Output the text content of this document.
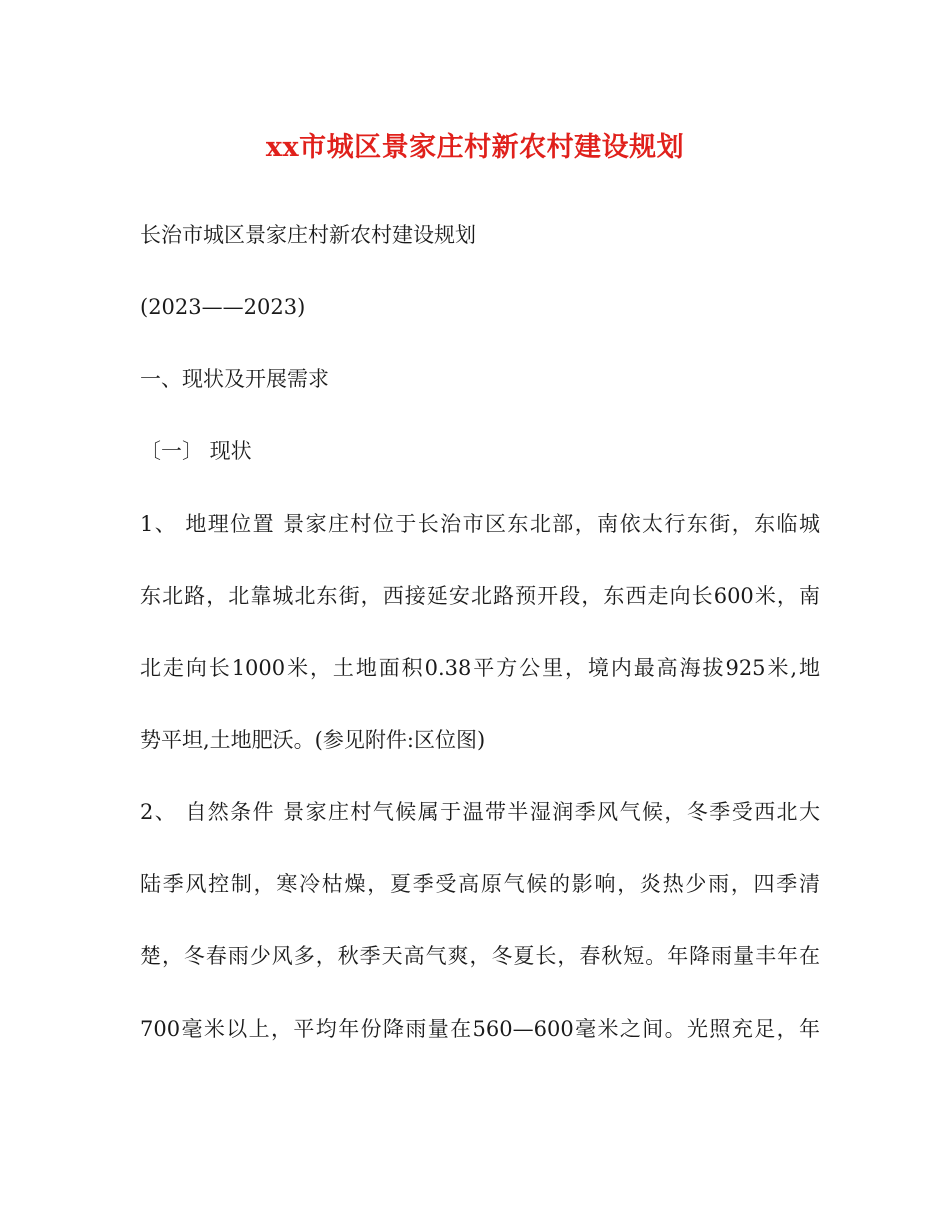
xx市城区景家庄村新农村建设规划
长治市城区景家庄村新农村建设规划
(2023——2023)
一、现状及开展需求
〔一〕 现状
1、 地理位置 景家庄村位于长治市区东北部，南依太行东街，东临城
东北路，北靠城北东街，西接延安北路预开段，东西走向长600米，南
北走向长1000米，土地面积0.38平方公里，境内最高海拔925米,地
势平坦,土地肥沃。(参见附件:区位图)
2、 自然条件 景家庄村气候属于温带半湿润季风气候，冬季受西北大
陆季风控制，寒冷枯燥，夏季受高原气候的影响，炎热少雨，四季清
楚，冬春雨少风多，秋季天高气爽，冬夏长，春秋短。年降雨量丰年在
700毫米以上，平均年份降雨量在560—600毫米之间。光照充足，年
